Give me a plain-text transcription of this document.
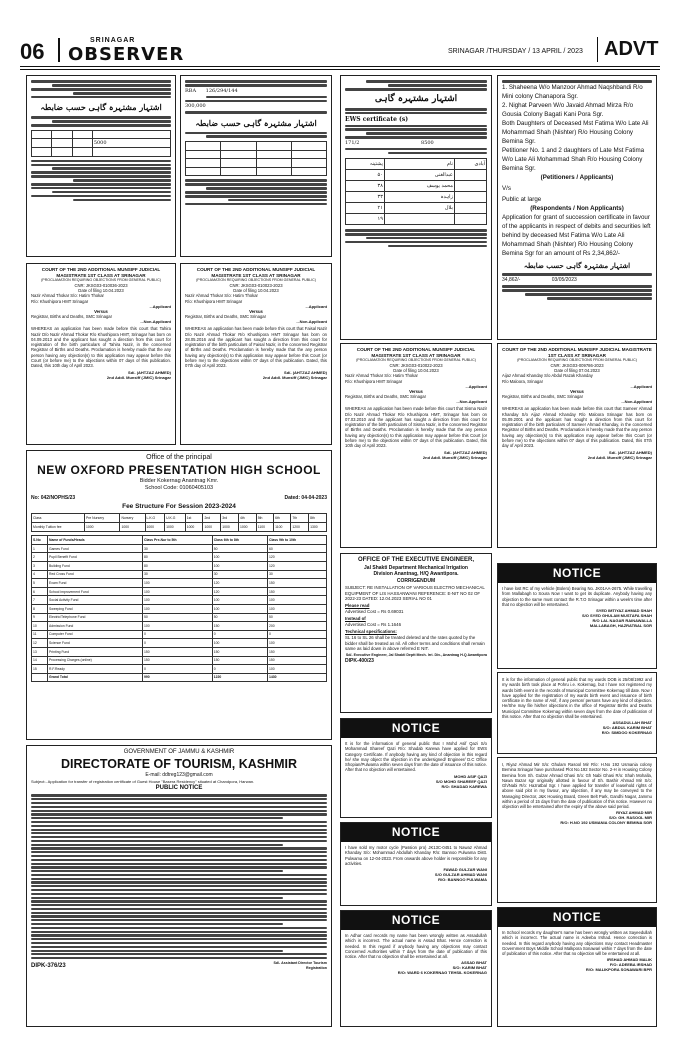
06	SRINAGAR
OBSERVER	SRINAGAR /THURSDAY / 13 APRIL / 2023	ADVT
اشتہار مشتہرہ گاہی حسب ضابطہ

5000			

RBA 126/294/144
300,000
اشتہار مشتہرہ گاہی حسب ضابطہ

اشتہار مشتہرہ گاہی
EWS certificate (s)
171/2	8500
آبادی	نام	پشتینہ
	عبدالغنی	۵۰
	محمد یوسف	۳۸
	زاہدہ	۳۳
	بلال	۲۱
		۱۹
1. Shaheena W/o Manzoor Ahmad Naqshbandi R/o Mini colony Chanapora Sgr.
2. Nighat Parveen W/o Javaid Ahmad Mirza R/o Gousia Colony Bagati Kani Pora Sgr.
Both Daughters of Deceased Mst Fatima W/o Late Ali Mohammad Shah (Nishter) R/o Housing Colony Bemina Sgr.
Petitioner No. 1 and 2 daughters of Late Mst Fatima W/o Late Ali Mohammad Shah R/o Housing Colony Bemina Sgr.
(Petitioners / Applicants)
V/s
Public at large
(Respondents / Non Applicants)
Application for grant of succession certificate in favour of the applicants in respect of debits and securities left behind by deceased Mst Fatima W/o Late Ali Mohammad Shah (Nishter) R/o Housing Colony Bemina Sgr for an amount of Rs 2,34,862/-
اشتہار مشتہرہ گاہی حسب ضابطہ
34,862/-	03/05/2023
COURT OF THE 2ND ADDITIONAL MUNSIFF JUDICIAL MAGISTRATE 1ST CLASS AT SRINAGAR
(PROCLAMATION REQUIRING OBJECTIONS FROM GENERAL PUBLIC)
CNR: JKSG03-010036-2023
Date of filing 10.04.2023
Nazir Ahmad Thokar S/o: Hatim Thokar
R/o: Khushipora HMT Srinagar
...Applicant
Versus
Registrar, Births and Deaths, SMC Srinagar
...Non-Applicant

WHEREAS an application has been made before this court that Tahira Nazir D/o Nazir Ahmad Thokar R/o Khushipora HMT, Srinagar has born on 04.09.2013 and the applicant has sought a direction from this court for registration of the birth particulars of Tahira Nazir, in the concerned Registrar of Births and Deaths. Proclamation is hereby made that the any person having any objection(s) to this application may appear before this Court (or before me) to the objections within 07 days of this publication. Dated, this 10th day of April 2023.

Sd/- (AHTZAZ AHMED)
2nd Addl. Munsiff (JMIC) Srinagar
COURT OF THE 2ND ADDITIONAL MUNSIFF JUDICIAL MAGISTRATE 1ST CLASS AT SRINAGAR
(PROCLAMATION REQUIRING OBJECTIONS FROM GENERAL PUBLIC)
CNR: JKSG03-010023-2023
Date of filing 10.04.2023
Nazir Ahmad Thokar S/o: Hatim Thokar
R/o: Khushipora HMT Srinagar
...Applicant
Versus
Registrar, Births and Deaths, SMC Srinagar
...Non-Applicant

WHEREAS an application has been made before this court that Faisal Nazir D/o Nazir Ahmad Thokar R/o Khushipora HMT Srinagar has born on 28.05.2016 and the applicant has sought a direction from this court for registration of the birth particulars of Faisal Nazir, in the concerned Registrar of Births and Deaths. Proclamation is hereby made that the any person having any objection(s) to this application may appear before this Court (or before me) to the objections within 07 days of this publication. Dated, this 07th day of April 2023.

Sd/- (AHTZAZ AHMED)
2nd Addl. Munsiff (JMIC) Srinagar
COURT OF THE 2ND ADDITIONAL MUNSIFF JUDICIAL MAGISTRATE 1ST CLASS AT SRINAGAR
(PROCLAMATION REQUIRING OBJECTIONS FROM GENERAL PUBLIC)
CNR: JKSG03-010022-2023
Date of filing 10.04.2023
Nazir Ahmad Thokar S/o: Hatim Thokar
R/o: Khushipora HMT Srinagar
...Applicant
Versus
Registrar, Births and Deaths, SMC Srinagar
...Non-Applicant

WHEREAS an application has been made before this court that Sisma Nazir D/o Nazir Ahmad Thokar R/o Khushipora HMT, Srinagar has born on 07.03.2010 and the applicant has sought a direction from this court for registration of the birth particulars of Sisma Nazir, in the concerned Registrar of Births and Deaths. Proclamation is hereby made that the any person having any objection(s) to this application may appear before this Court (or before me) to the objections within 07 days of this publication. Dated, this 10th day of April 2023.

Sd/- (AHTZAZ AHMED)
2nd Addl. Munsiff (JMIC) Srinagar
COURT OF THE 2ND ADDITIONAL MUNSIFF JUDICIAL MAGISTRATE 1ST CLASS AT SRINAGAR
(PROCLAMATION REQUIRING OBJECTIONS FROM GENERAL PUBLIC)
CNR: JKSG03-009786-2023
Date of filing 07.04.2023
Aijaz Ahmad Khanday S/o Abdul Razak Khanday
R/o Maloora, Srinagar
...Applicant
Versus
Registrar, Births and Deaths, SMC Srinagar
...Non-Applicant

WHEREAS an application has been made before this court that Sameer Ahmad Khanday S/o Aijaz Ahmad Khanday R/o Maloora Srinagar has born on 05.09.2001 and the applicant has sought a direction from this court for registration of the birth particulars of Sameer Ahmad Khanday, in the concerned Registrar of Births and Deaths. Proclamation is hereby made that the any person having any objection(s) to this application may appear before this Court (or before me) to the objections within 07 days of this publication. Dated, this 07th day of April 2023.

Sd/- (AHTZAZ AHMED)
2nd Addl. Munsiff (JMIC) Srinagar
Office of the principal
NEW OXFORD PRESENTATION HIGH SCHOOL
Bidder Kokernag Anantnag Kmr.
School Code: 01060405103
No: 042/NOPHS/23	Dated: 04-04-2023
Fee Structure For Session 2023-2024
Class	Pre Nursery	Nursery	L.K.G	U.K.G	1st	2nd	3rd	4th	5th	6th	7th	8th
Monthly Tuition fee	1000	1000	1000	1000	1000	1000	1000	1000	1100	1100	1200	1300
S.No	Name of Funds/Heads	Class Pre-Nur to 5th	Class 6th to 8th	Class 9th to 10th
1	Games Fund	30	50	60
2	Pupil Benefit Fund	80	100	120
3	Building Fund	80	100	120
4	Red Cross Fund	30	30	30
5	Exam Fund	100	120	150
6	School improvement Fund	100	120	150
7	Social Activity Fund	100	100	100
8	Sweeping Fund	100	100	100
9	Electric/Telephone Fund	50	50	50
10	Admission Fund	100	150	200
11	Computer Fund	0	0	0
12	Science Fund	0	100	100
13	Printing Fund	150	150	150
14	Processing Charges (online)	150	150	150
15	R.F.Ready	0	0	100
	Grand Total	990	1220	1430
OFFICE OF THE EXECUTIVE ENGINEER,
Jal Shakti Department Mechanical Irrigation
Division Anantnag, H/Q Awantipora.
CORRIGENDUM

SUBJECT: RE INSTALLATION OF VARIOUS ELECTRO MECHANICAL EQUIPMENT OF LIS HASSANWANI REFERENCE: E-NIT NO 02 OF 2022-23 DATED: 12.04.2023 SERIAL NO 01

Please read

Advertised Cost = Rs 0.69031

Instead of

Advertised Cost = Rs 1.1646

Technical specifications:

SL 16 to SL 26 shall be treated deleted and the rates quoted by the bidder shall be treated as nil. All other terms and conditions shall remain same as laid down in above referred E NIT.

Sd/- Executive Engineer, Jal Shakti Deptt Mech. Irri. Div., Anantnag H.Q Awantipora

DIPK-400/23

GOVERNMENT OF JAMMU & KASHMIR
DIRECTORATE OF TOURISM, KASHMIR
E-mail: ddtreg123@gmail.com

Subject:- Application for transfer of registration certificate of Guest House "Basera Residency" situated at Chandpora, Harwan.

PUBLIC NOTICE
DIPK-376/23	Sd/- Assistant Director Tourism Registration
NOTICE

I have lost RC of my vehicle (Bolero) Bearing No. JK01AA-2675. While travelling from Mallabagh to Soura Now I want to get its duplicate. Anybody having any objection to the same must contact the R.T.O Srinagar within a week's time after that no objection will be entertained.

SYED IMTIYAZ AHMAD SHAH
S/O SYED GHULAM MUSTAFA SHAH
R/O LAL NAGAR RAINAWALLA
MALLABAGH, HAZRATBAL SGR

It is for the information of general public that my wards DOB is 25/08/1992 and my wards birth took place at Pohru i.e. Kokernag, but I have not registered my wards birth event in the records of Municipal Committee Kokernag till date. Now I have applied for the registration of my wards birth event and issuance of birth certificate in the name of Asif, if any person/ persons have any kind of objection. He/She may file his/her objections in the office of Registrar Births and Deaths Municipal Committee Kokernag within seven days from the date of publication of this notice. After that no objection shall be entertained.

ASSADULLAH BHAT
S/O: ABDUL KARIM BHAT
R/O: SIMDOO KOKERNAG

I, Riyaz Ahmad Mir S/o: Ghulam Rasool Mir R/o: H.No 192 Usmania colony Bemina Srinagar have purchased Plot No.192 Sector No. 2-H in Housing Colony Bemina from Sh. Gulzar Ahmad Ghasi S/o: Gh Nabi Ghasi R/o: Shah Mohalla, Nawa Bazar sgr originally allotted in favour of Sh. Bashir Ahmad Mir S/o: Gh/Nabi R/o: Hazratbal Sgr. I have applied for transfer of leasehold rights of above said plot in my favour, any objection, if any may be conveyed to the Managing Director, J&K Housing Board, Green Belt Park, Gandhi Nagar, Jammu within a period of 15 days from the date of publication of this notice. However no objection will be entertained after the expiry of the above said period.

RIYAZ AHMAD MIR
S/O: GH. RASOOL MIR
R/O: H.NO 192 USMANIA COLONY BEMINA SGR
NOTICE

It is for the information of general public that I Mohd Asif Qazi S/o Mohammad Shareef Qazi R/o: Shadab Karewa have applied for EWS Category Certificate. If anybody having any kind of objection in this regard he/ she may object the objection in the undersigned/ Engineer/ D.C Office Shopian/Pulwama within seven days from the date of issuance of this notice. After that no objection will entertained.

MOHD ASIF QAZI
S/O MOHD SHAREEF QAZI
R/O: SHADAD KAREWA
NOTICE

I have sold my motor cycle (Passion pro) JK13C-0451 to Nawaz Ahmad Khanday S/o: Mohammad Abdullah Khanday R/o: Bannoo Pulwama Distt. Pulwama on 12-04-2023. From onwards above holder is responsible for any activities.

FAWAD GULZAR WANI
S/O GULZAR AHMAD WANI
R/O: BANNOO PULWAMA
NOTICE

In Adhar card records my name has been wrongly written as Assadullah which is incorrect. The actual name is Assad Bhat. Hence correction is needed. In this regard if anybody having any objections may contact Concerned Authorities within 7 days from the date of publication of this notice. After that no objection shall be entertained at all.

ASSAD BHAT
S/O: KARIM BHAT
R/O: WARD 6 KOKERNAG TEHSIL KOKERNAG
NOTICE

In School records my daughter's name has been wrongly written as Sayeedullah which is incorrect. The actual name is Adeeba Irshad. Hence correction is needed. In this regard anybody having any objections may contact Headmaster Government Boys Middle School Malkpora Sonawari within 7 days from the date of publication of this notice. After that no objection will be entertained at all.

IRSHAD AHMAD MALIK
F/O: ADEEBA IRSHAD
R/O: MALIKPORA SONAWARI BPR
